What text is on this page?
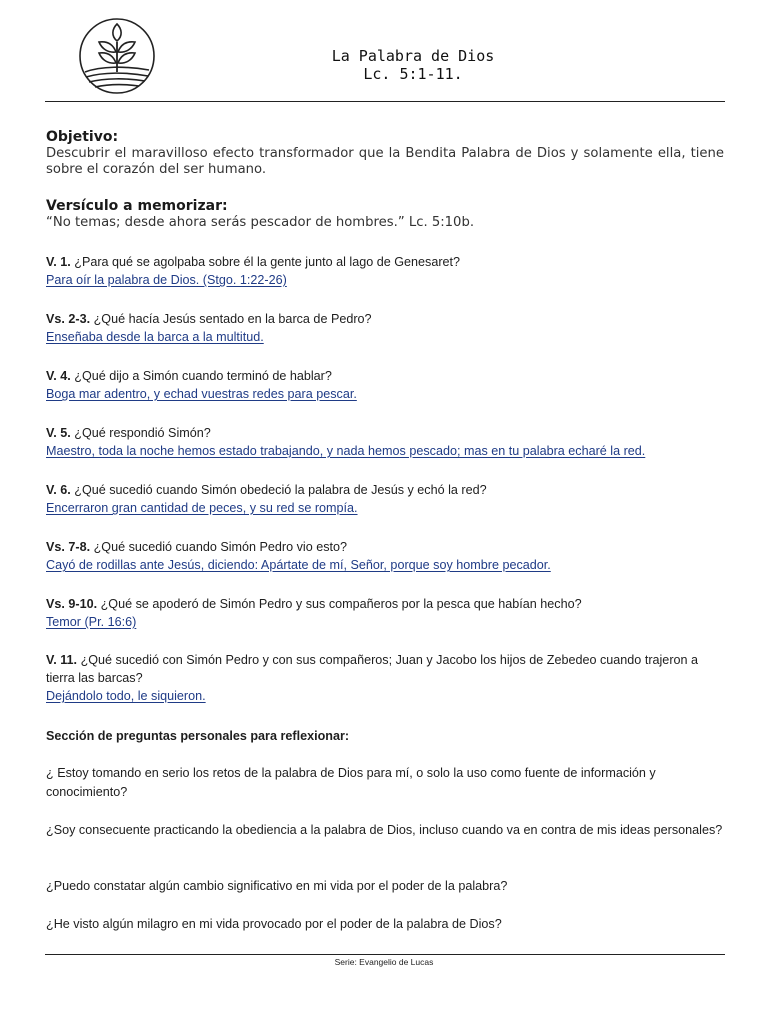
La Palabra de Dios
Lc. 5:1-11.
Objetivo:

Descubrir el maravilloso efecto transformador que la Bendita Palabra de Dios y solamente ella, tiene sobre el corazón del ser humano.

Versículo a memorizar:

“No temas; desde ahora serás pescador de hombres.” Lc. 5:10b.

V. 1. ¿Para qué se agolpaba sobre él la gente junto al lago de Genesaret?
Para oír la palabra de Dios. (Stgo. 1:22-26)
Vs. 2-3. ¿Qué hacía Jesús sentado en la barca de Pedro?
Enseñaba desde la barca a la multitud.
V. 4. ¿Qué dijo a Simón cuando terminó de hablar?
Boga mar adentro, y echad vuestras redes para pescar.
V. 5. ¿Qué respondió Simón?
Maestro, toda la noche hemos estado trabajando, y nada hemos pescado; mas en tu palabra echaré la red.
V. 6. ¿Qué sucedió cuando Simón obedeció la palabra de Jesús y echó la red?
Encerraron gran cantidad de peces, y su red se rompía.
Vs. 7-8. ¿Qué sucedió cuando Simón Pedro vio esto?
Cayó de rodillas ante Jesús, diciendo: Apártate de mí, Señor, porque soy hombre pecador.
Vs. 9-10. ¿Qué se apoderó de Simón Pedro y sus compañeros por la pesca que habían hecho?
Temor (Pr. 16:6)
V. 11. ¿Qué sucedió con Simón Pedro y con sus compañeros; Juan y Jacobo los hijos de Zebedeo cuando trajeron a tierra las barcas?
Dejándolo todo, le siquieron.
Sección de preguntas personales para reflexionar:
¿ Estoy tomando en serio los retos de la palabra de Dios para mí, o solo la uso como fuente de información y conocimiento?
¿Soy consecuente practicando la obediencia a la palabra de Dios, incluso cuando va en contra de mis ideas personales?
¿Puedo constatar algún cambio significativo en mi vida por el poder de la palabra?
¿He visto algún milagro en mi vida provocado por el poder de la palabra de Dios?
Serie: Evangelio de Lucas
